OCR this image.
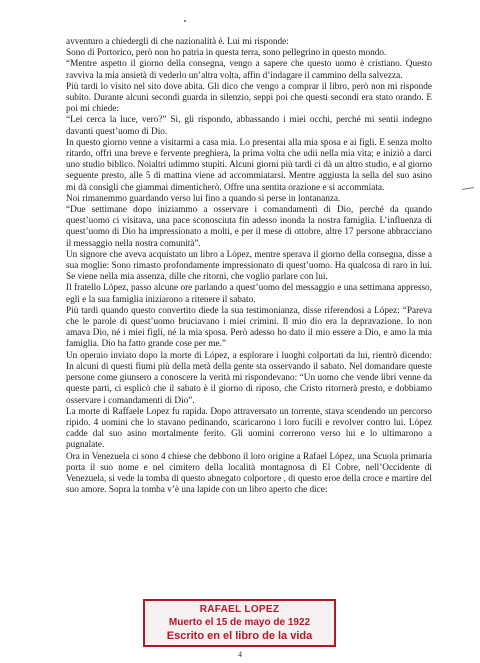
avventuro a chiedergli di che nazionalità è. Lui mi risponde:

Sono di Portorico, però non ho patria in questa terra, sono pellegrino in questo mondo.

“Mentre aspetto il giorno della consegna, vengo a sapere che questo uomo è cristiano. Questo ravviva la mia ansietà di vederlo un’altra volta, affin d’indagare il cammino della salvezza.

Più tardi lo visito nel sito dove abita. Gli dico che vengo a comprar il libro, però non mi risponde subito. Durante alcuni secondi guarda in silenzio, seppi poi che questi secondi era stato orando. E poi mi chiede:

“Lei cerca la luce, vero?” Sì, gli rispondo, abbassando i miei occhi, perché mi sentii indegno davanti quest’uomo di Dio.

In questo giorno venne a visitarmi a casa mia. Lo presentai alla mia sposa e ai figli. E senza molto ritardo, offrì una breve e fervente preghiera, la prima volta che udii nella mia vita; e iniziò a darci uno studio biblico. Noialtri udimmo stupiti. Alcuni giorni più tardi ci dà un altro studio, e al giorno seguente presto, alle 5 di mattina viene ad accommiatarsi. Mentre aggiusta la sella del suo asino mi dà consigli che giammai dimenticherò. Offre una sentita orazione e si accommiata.

Noi rimanemmo guardando verso lui fino a quando si perse in lontananza.

“Due settimane dopo iniziammo a osservare i comandamenti di Dio, perché da quando quest’uomo ci visitava, una pace sconosciuta fin adesso inonda la nostra famiglia. L’influenza di quest’uomo di Dio ha impressionato a molti, e per il mese di ottobre, altre 17 persone abbracciano il messaggio nella nostra comunità”.

Un signore che aveva acquistato un libro a López, mentre sperava il giorno della consegna, disse a sua moglie: Sono rimasto profondamente impressionato di quest’uomo. Ha qualcosa di raro in lui. Se viene nella mia assenza, dille che ritorni, che voglio parlare con lui.

Il fratello López, passo alcune ore parlando a quest’uomo del messaggio e una settimana appresso, egli e la sua famiglia iniziarono a ritenere il sabato.

Più tardi quando questo convertito diede la sua testimonianza, disse riferendosi a López: “Pareva che le parole di quest’uomo bruciavano i miei crimini. Il mio dio era la depravazione. Io non amava Dio, né i miei figli, né la mia sposa. Però adesso ho dato il mio essere a Dio, e amo la mia famiglia. Dio ha fatto grande cose per me.”

Un operaio inviato dopo la morte di López, a esplorare i luoghi colportati da lui, rientrò dicendo: In alcuni di questi fiumi più della metà della gente sta osservando il sabato. Nel domandare queste persone come giunsero a conoscere la verità mi rispondevano: “Un uomo che vende libri venne da queste parti, ci esplicò che il sabato è il giorno di riposo, che Cristo ritornerà presto, e dobbiamo osservare i comandamenti di Dio”.

La morte di Raffaele Lopez fu rapida. Dopo attraversato un torrente, stava scendendo un percorso ripido. 4 uomini che lo stavano pedinando, scaricarono i loro fucili e revolver contro lui. López cadde dal suo asino mortalmente ferito. Gli uomini correrono verso lui e lo ultimarono a pugnalate.

Ora in Venezuela ci sono 4 chiese che debbono il loro origine a Rafael López, una Scuola primaria porta il suo nome e nel cimitero della località montagnosa di El Cobre, nell’Occidente di Venezuela, si vede la tomba di questo abnegato colportore , di questo eroe della croce e martire del suo amore. Sopra la tomba v’è una lapide con un libro aperto che dice:

RAFAEL LOPEZ
Muerto el 15 de mayo de 1922
Escrito en el libro de la vida
4
